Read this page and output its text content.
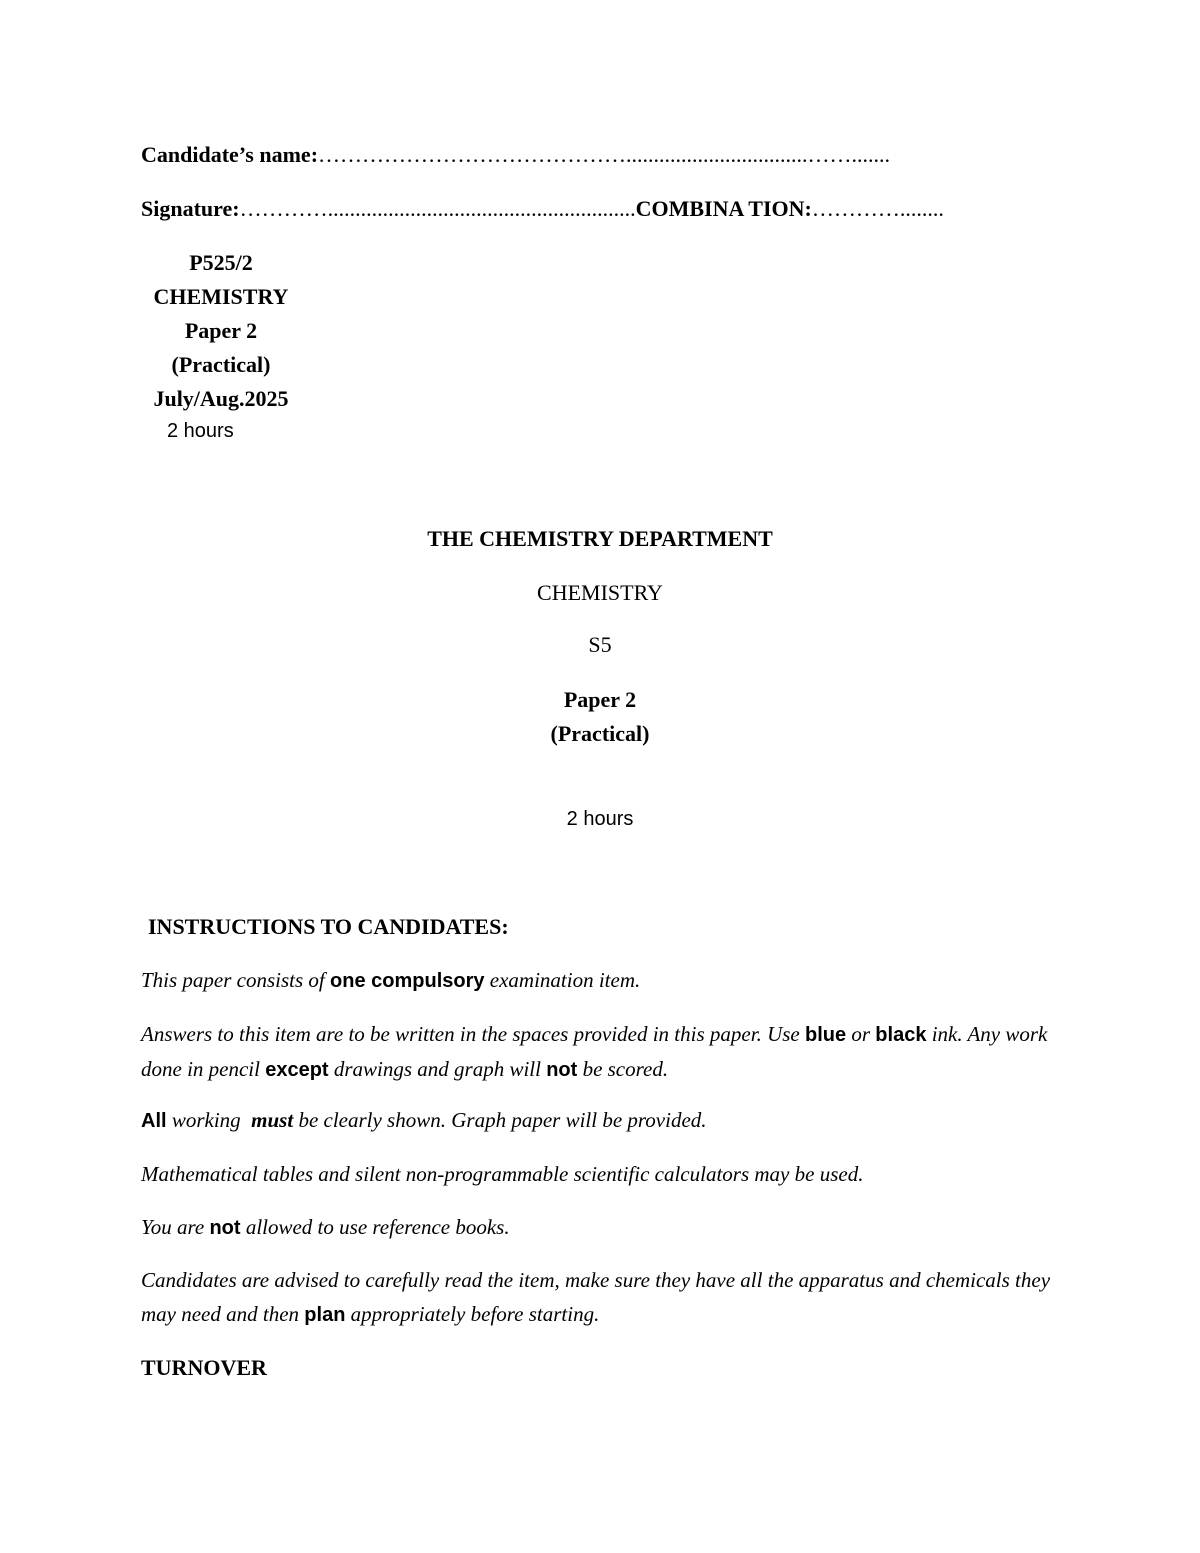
Candidate’s name:…………………………………….................................…….......
Signature:…………........................................................COMBINA TION:…………........
P525/2
CHEMISTRY
Paper 2
(Practical)
July/Aug.2025
2 hours
THE CHEMISTRY DEPARTMENT
CHEMISTRY
S5
Paper 2
(Practical)
2 hours
INSTRUCTIONS TO CANDIDATES:
This paper consists of one compulsory examination item.
Answers to this item are to be written in the spaces provided in this paper. Use blue or black ink. Any work done in pencil except drawings and graph will not be scored.
All working  must be clearly shown. Graph paper will be provided.
Mathematical tables and silent non-programmable scientific calculators may be used.
You are not allowed to use reference books.
Candidates are advised to carefully read the item, make sure they have all the apparatus and chemicals they may need and then plan appropriately before starting.
TURNOVER
